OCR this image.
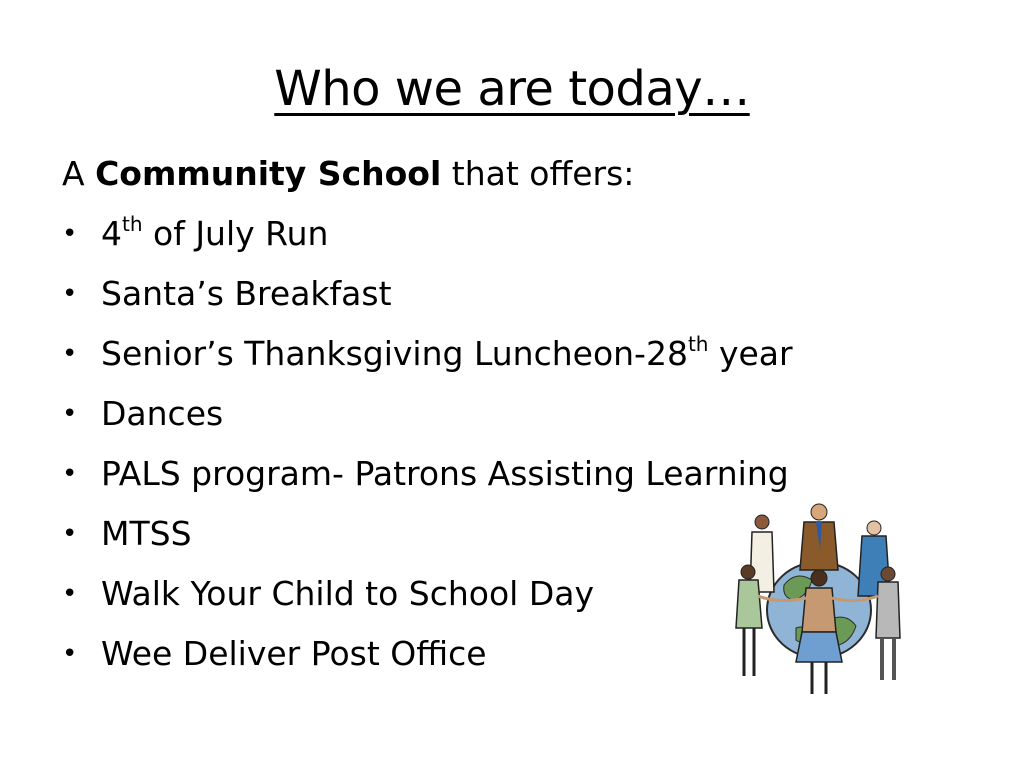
Who we are today…
A Community School that offers:
• 4th of July Run
• Santa’s Breakfast
• Senior’s Thanksgiving Luncheon-28th year
• Dances
• PALS program- Patrons Assisting Learning
• MTSS
• Walk Your Child to School Day
• Wee Deliver Post Office
